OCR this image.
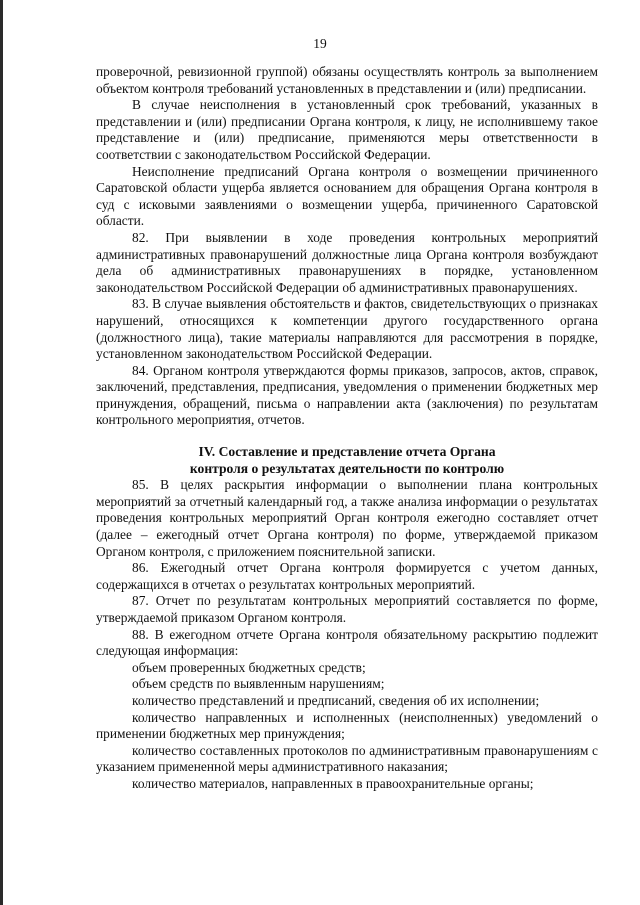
19

проверочной, ревизионной группой) обязаны осуществлять контроль за выполнением объектом контроля требований установленных в представлении и (или) предписании.

В случае неисполнения в установленный срок требований, указанных в представлении и (или) предписании Органа контроля, к лицу, не исполнившему такое представление и (или) предписание, применяются меры ответственности в соответствии с законодательством Российской Федерации.

Неисполнение предписаний Органа контроля о возмещении причиненного Саратовской области ущерба является основанием для обращения Органа контроля в суд с исковыми заявлениями о возмещении ущерба, причиненного Саратовской области.

82. При выявлении в ходе проведения контрольных мероприятий административных правонарушений должностные лица Органа контроля возбуждают дела об административных правонарушениях в порядке, установленном законодательством Российской Федерации об административных правонарушениях.

83. В случае выявления обстоятельств и фактов, свидетельствующих о признаках нарушений, относящихся к компетенции другого государственного органа (должностного лица), такие материалы направляются для рассмотрения в порядке, установленном законодательством Российской Федерации.

84. Органом контроля утверждаются формы приказов, запросов, актов, справок, заключений, представления, предписания, уведомления о применении бюджетных мер принуждения, обращений, письма о направлении акта (заключения) по результатам контрольного мероприятия, отчетов.

IV. Составление и представление отчета Органа
контроля о результатах деятельности по контролю

85. В целях раскрытия информации о выполнении плана контрольных мероприятий за отчетный календарный год, а также анализа информации о результатах проведения контрольных мероприятий Орган контроля ежегодно составляет отчет (далее – ежегодный отчет Органа контроля) по форме, утверждаемой приказом Органом контроля, с приложением пояснительной записки.

86. Ежегодный отчет Органа контроля формируется с учетом данных, содержащихся в отчетах о результатах контрольных мероприятий.

87. Отчет по результатам контрольных мероприятий составляется по форме, утверждаемой приказом Органом контроля.

88. В ежегодном отчете Органа контроля обязательному раскрытию подлежит следующая информация:

объем проверенных бюджетных средств;

объем средств по выявленным нарушениям;

количество представлений и предписаний, сведения об их исполнении;

количество направленных и исполненных (неисполненных) уведомлений о применении бюджетных мер принуждения;

количество составленных протоколов по административным правонарушениям с указанием примененной меры административного наказания;

количество материалов, направленных в правоохранительные органы;
